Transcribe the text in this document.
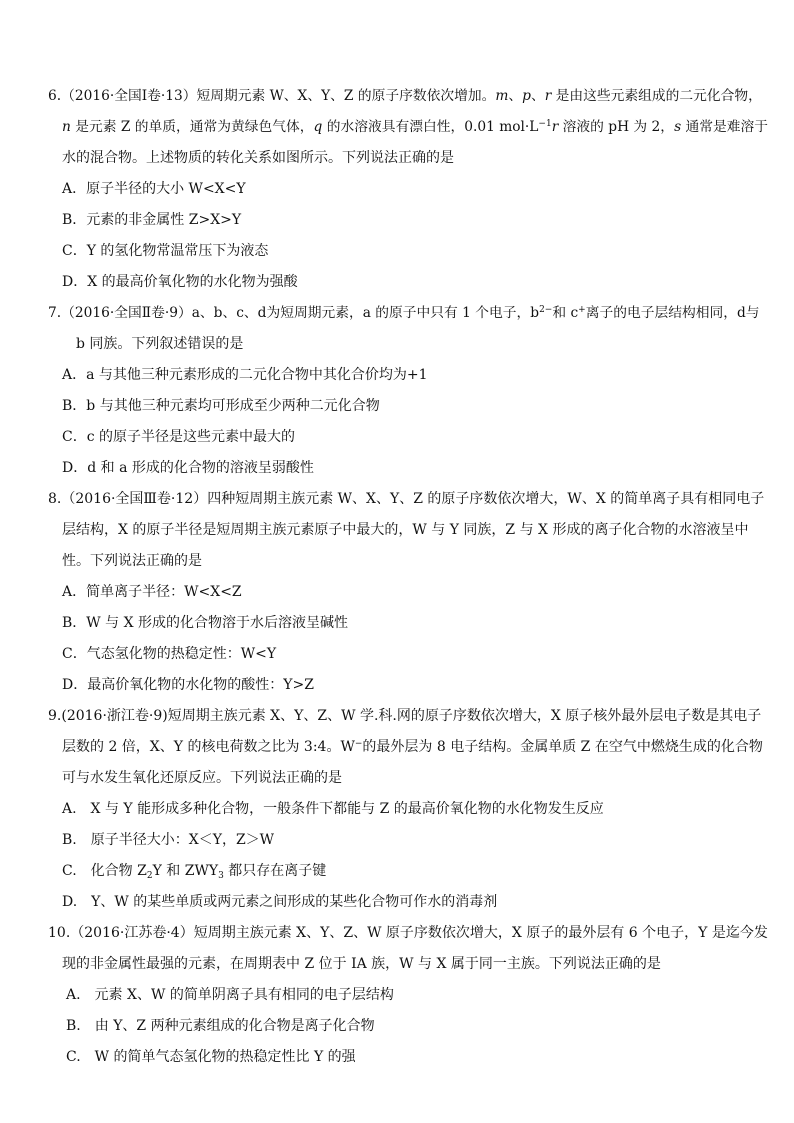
6.（2016·全国Ⅰ卷·13）短周期元素 W、X、Y、Z 的原子序数依次增加。m、p、r 是由这些元素组成的二元化合物，
n 是元素 Z 的单质，通常为黄绿色气体，q 的水溶液具有漂白性，0.01 $mol\cdot L^{-1}r$ 溶液的 pH 为 2，s 通常是难溶于
水的混合物。上述物质的转化关系如图所示。下列说法正确的是
A．原子半径的大小 W<X<Y
B．元素的非金属性 Z>X>Y
C．Y 的氢化物常温常压下为液态
D．X 的最高价氧化物的水化物为强酸
7.（2016·全国Ⅱ卷·9）a、b、c、d为短周期元素，a 的原子中只有 1 个电子，$b^{2-}$和 c+离子的电子层结构相同，d与
b 同族。下列叙述错误的是
A．a 与其他三种元素形成的二元化合物中其化合价均为+1
B．b 与其他三种元素均可形成至少两种二元化合物
C．c 的原子半径是这些元素中最大的
D．d 和 a 形成的化合物的溶液呈弱酸性
8.（2016·全国Ⅲ卷·12）四种短周期主族元素 W、X、Y、Z 的原子序数依次增大，W、X 的简单离子具有相同电子
层结构，X 的原子半径是短周期主族元素原子中最大的，W 与 Y 同族，Z 与 X 形成的离子化合物的水溶液呈中
性。下列说法正确的是
A．简单离子半径：W<X<Z
B．W 与 X 形成的化合物溶于水后溶液呈碱性
C．气态氢化物的热稳定性：W<Y
D．最高价氧化物的水化物的酸性：Y>Z
9.(2016·浙江卷·9)短周期主族元素 X、Y、Z、W 学.科.网的原子序数依次增大，X 原子核外最外层电子数是其电子
层数的 2 倍，X、Y 的核电荷数之比为 3:4。W−的最外层为 8 电子结构。金属单质 Z 在空气中燃烧生成的化合物
可与水发生氧化还原反应。下列说法正确的是
A.　X 与 Y 能形成多种化合物，一般条件下都能与 Z 的最高价氧化物的水化物发生反应
B.　原子半径大小：X＜Y，Z＞W
C.　化合物 $Z_2Y$ 和 $ZWY_3$ 都只存在离子键
D.　Y、W 的某些单质或两元素之间形成的某些化合物可作水的消毒剂
10.（2016·江苏卷·4）短周期主族元素 X、Y、Z、W 原子序数依次增大，X 原子的最外层有 6 个电子，Y 是迄今发
现的非金属性最强的元素，在周期表中 Z 位于 IA 族，W 与 X 属于同一主族。下列说法正确的是
A.　元素 X、W 的简单阴离子具有相同的电子层结构
B.　由 Y、Z 两种元素组成的化合物是离子化合物
C.　W 的简单气态氢化物的热稳定性比 Y 的强
